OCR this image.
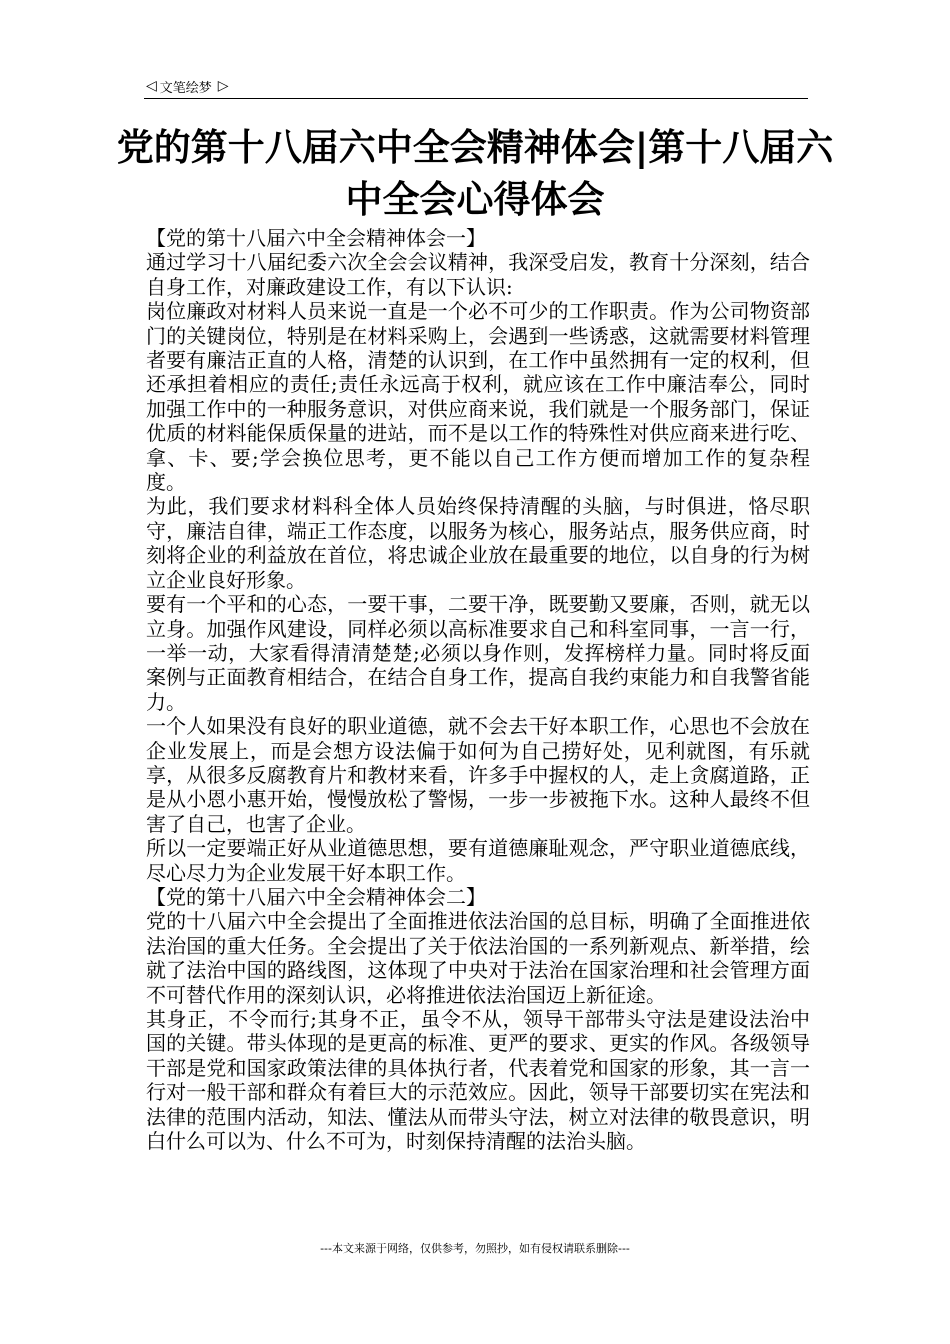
◁ 文笔绘梦 ▷
党的第十八届六中全会精神体会|第十八届六中全会心得体会

【党的第十八届六中全会精神体会一】

通过学习十八届纪委六次全会会议精神，我深受启发，教育十分深刻，结合自身工作，对廉政建设工作，有以下认识:

岗位廉政对材料人员来说一直是一个必不可少的工作职责。作为公司物资部门的关键岗位，特别是在材料采购上，会遇到一些诱惑，这就需要材料管理者要有廉洁正直的人格，清楚的认识到，在工作中虽然拥有一定的权利，但还承担着相应的责任;责任永远高于权利，就应该在工作中廉洁奉公，同时加强工作中的一种服务意识，对供应商来说，我们就是一个服务部门，保证优质的材料能保质保量的进站，而不是以工作的特殊性对供应商来进行吃、拿、卡、要;学会换位思考，更不能以自己工作方便而增加工作的复杂程度。

为此，我们要求材料科全体人员始终保持清醒的头脑，与时俱进，恪尽职守，廉洁自律，端正工作态度，以服务为核心，服务站点，服务供应商，时刻将企业的利益放在首位，将忠诚企业放在最重要的地位，以自身的行为树立企业良好形象。

要有一个平和的心态，一要干事，二要干净，既要勤又要廉，否则，就无以立身。加强作风建设，同样必须以高标准要求自己和科室同事，一言一行，一举一动，大家看得清清楚楚;必须以身作则，发挥榜样力量。同时将反面案例与正面教育相结合，在结合自身工作，提高自我约束能力和自我警省能力。

一个人如果没有良好的职业道德，就不会去干好本职工作，心思也不会放在企业发展上，而是会想方设法偏于如何为自己捞好处，见利就图，有乐就享，从很多反腐教育片和教材来看，许多手中握权的人，走上贪腐道路，正是从小恩小惠开始，慢慢放松了警惕，一步一步被拖下水。这种人最终不但害了自己，也害了企业。

所以一定要端正好从业道德思想，要有道德廉耻观念，严守职业道德底线，尽心尽力为企业发展干好本职工作。

【党的第十八届六中全会精神体会二】

党的十八届六中全会提出了全面推进依法治国的总目标，明确了全面推进依法治国的重大任务。全会提出了关于依法治国的一系列新观点、新举措，绘就了法治中国的路线图，这体现了中央对于法治在国家治理和社会管理方面不可替代作用的深刻认识，必将推进依法治国迈上新征途。

其身正，不令而行;其身不正，虽令不从，领导干部带头守法是建设法治中国的关键。带头体现的是更高的标准、更严的要求、更实的作风。各级领导干部是党和国家政策法律的具体执行者，代表着党和国家的形象，其一言一行对一般干部和群众有着巨大的示范效应。因此，领导干部要切实在宪法和法律的范围内活动，知法、懂法从而带头守法，树立对法律的敬畏意识，明白什么可以为、什么不可为，时刻保持清醒的法治头脑。

---本文来源于网络，仅供参考，勿照抄，如有侵权请联系删除---
